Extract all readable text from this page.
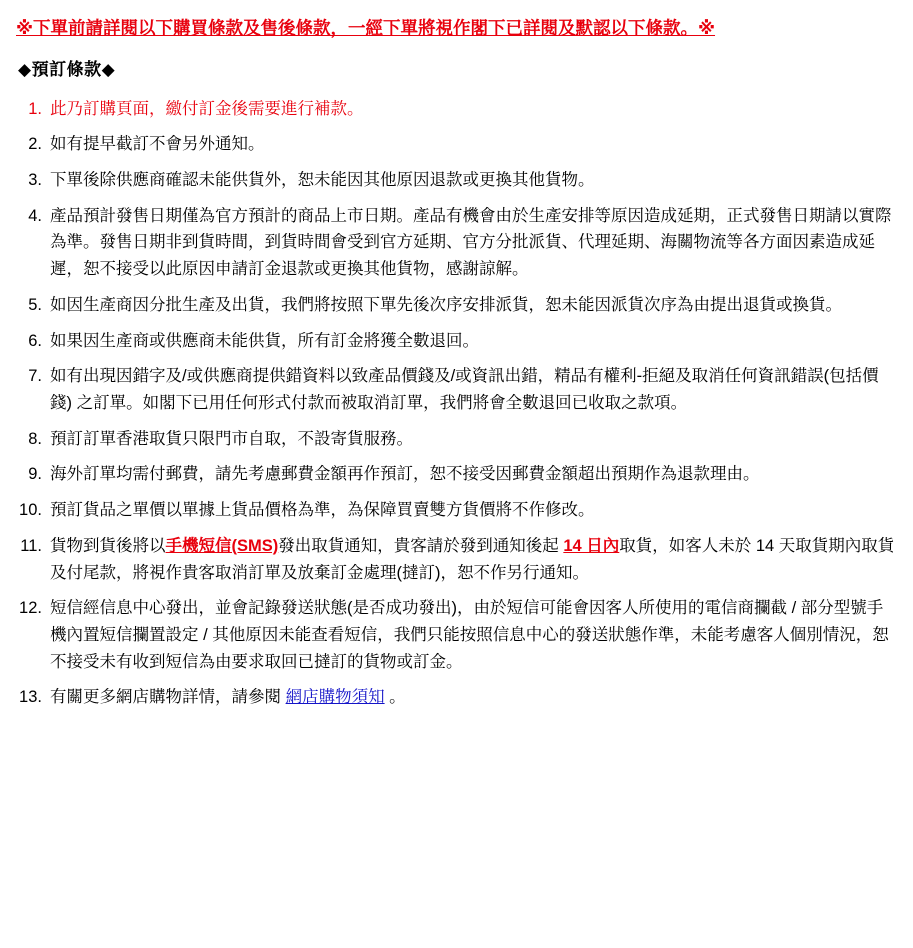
※下單前請詳閱以下購買條款及售後條款，一經下單將視作閣下已詳閱及默認以下條款。※
◆預訂條款◆
此乃訂購頁面，繳付訂金後需要進行補款。
如有提早截訂不會另外通知。
下單後除供應商確認未能供貨外，恕未能因其他原因退款或更換其他貨物。
產品預計發售日期僅為官方預計的商品上市日期。產品有機會由於生產安排等原因造成延期，正式發售日期請以實際為準。發售日期非到貨時間，到貨時間會受到官方延期、官方分批派貨、代理延期、海關物流等各方面因素造成延遲，恕不接受以此原因申請訂金退款或更換其他貨物，感謝諒解。
如因生產商因分批生產及出貨，我們將按照下單先後次序安排派貨，恕未能因派貨次序為由提出退貨或換貨。
如果因生產商或供應商未能供貨，所有訂金將獲全數退回。
如有出現因錯字及/或供應商提供錯資料以致產品價錢及/或資訊出錯，精品有權利-拒絕及取消任何資訊錯誤(包括價錢) 之訂單。如閣下已用任何形式付款而被取消訂單，我們將會全數退回已收取之款項。
預訂訂單香港取貨只限門市自取，不設寄貨服務。
海外訂單均需付郵費，請先考慮郵費金額再作預訂，恕不接受因郵費金額超出預期作為退款理由。
預訂貨品之單價以單據上貨品價格為準，為保障買賣雙方貨價將不作修改。
貨物到貨後將以手機短信(SMS)發出取貨通知，貴客請於發到通知後起 14 日內取貨，如客人未於 14 天取貨期內取貨及付尾款，將視作貴客取消訂單及放棄訂金處理(撻訂)，恕不作另行通知。
短信經信息中心發出，並會記錄發送狀態(是否成功發出)，由於短信可能會因客人所使用的電信商攔截 / 部分型號手機內置短信攔置設定 / 其他原因未能查看短信，我們只能按照信息中心的發送狀態作準，未能考慮客人個別情況，恕不接受未有收到短信為由要求取回已撻訂的貨物或訂金。
有關更多網店購物詳情，請參閱 網店購物須知 。
